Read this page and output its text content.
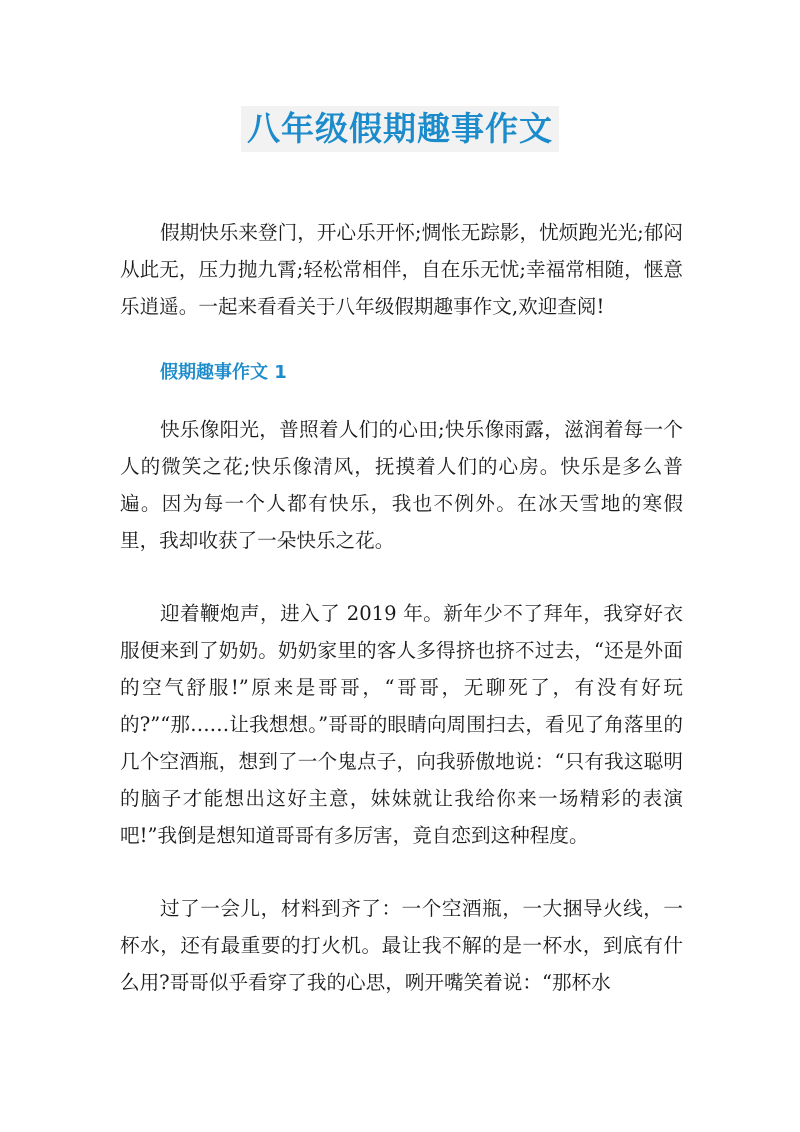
八年级假期趣事作文

假期快乐来登门，开心乐开怀;惆怅无踪影，忧烦跑光光;郁闷从此无，压力抛九霄;轻松常相伴，自在乐无忧;幸福常相随，惬意乐逍遥。一起来看看关于八年级假期趣事作文,欢迎查阅!

假期趣事作文 1

快乐像阳光，普照着人们的心田;快乐像雨露，滋润着每一个人的微笑之花;快乐像清风，抚摸着人们的心房。快乐是多么普遍。因为每一个人都有快乐，我也不例外。在冰天雪地的寒假里，我却收获了一朵快乐之花。

迎着鞭炮声，进入了 2019 年。新年少不了拜年，我穿好衣服便来到了奶奶。奶奶家里的客人多得挤也挤不过去，“还是外面的空气舒服!”原来是哥哥，“哥哥，无聊死了，有没有好玩的?”“那……让我想想。”哥哥的眼睛向周围扫去，看见了角落里的几个空酒瓶，想到了一个鬼点子，向我骄傲地说：“只有我这聪明的脑子才能想出这好主意，妹妹就让我给你来一场精彩的表演吧!”我倒是想知道哥哥有多厉害，竟自恋到这种程度。

过了一会儿，材料到齐了：一个空酒瓶，一大捆导火线，一杯水，还有最重要的打火机。最让我不解的是一杯水，到底有什么用?哥哥似乎看穿了我的心思，咧开嘴笑着说：“那杯水
